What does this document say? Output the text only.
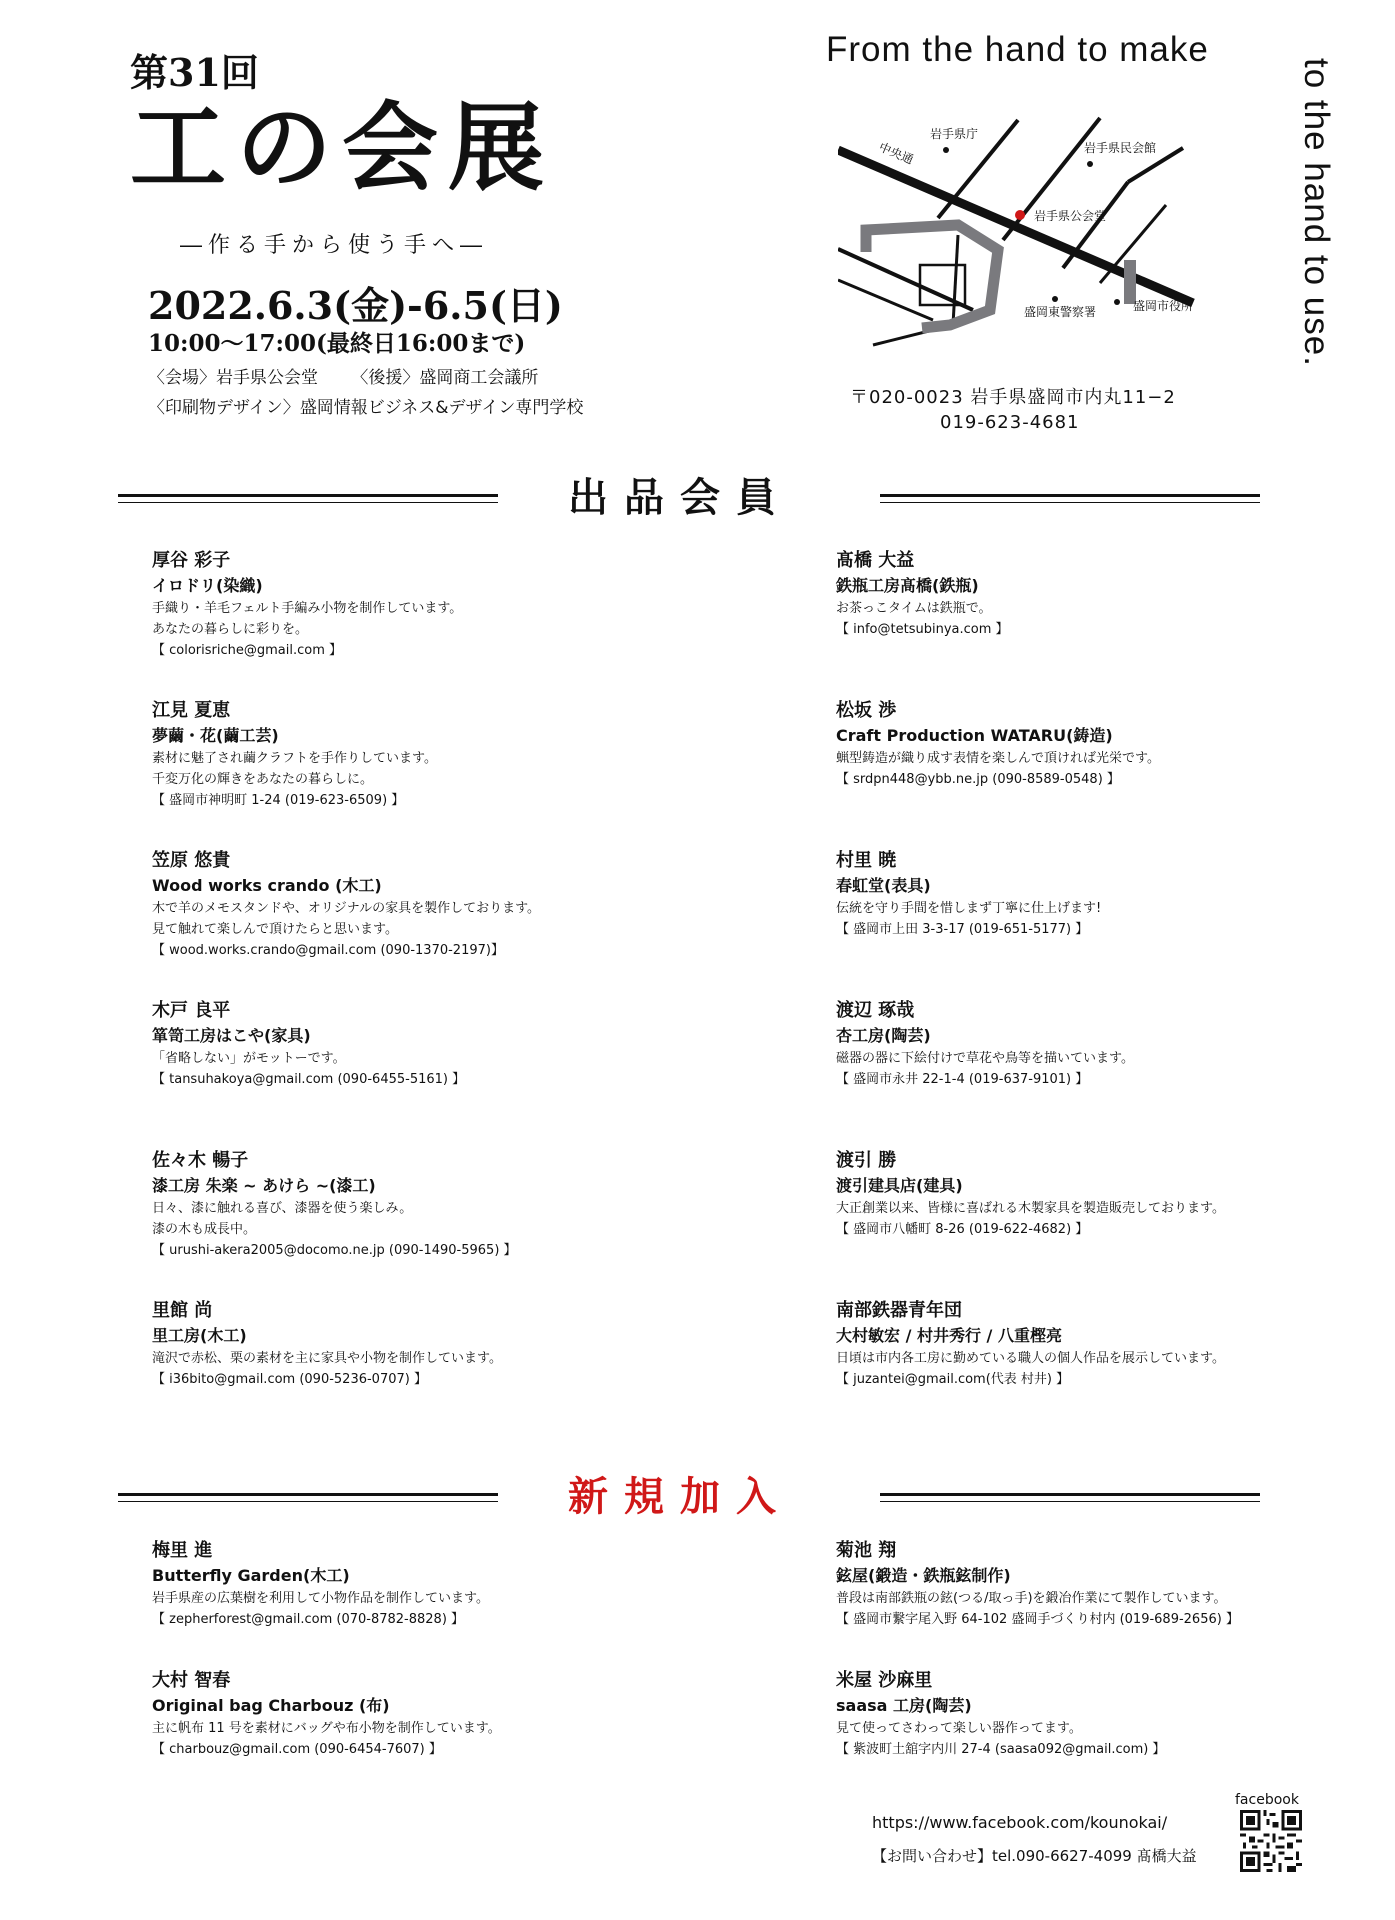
第31回
工の会展
―作る手から使う手へ―
2022.6.3(金)‐6.5(日)
10:00〜17:00(最終日16:00まで)
〈会場〉岩手県公会堂 〈後援〉盛岡商工会議所
〈印刷物デザイン〉盛岡情報ビジネス&デザイン専門学校
From the hand to make
to the hand to use.
中央通
岩手県庁
岩手県民会館
岩手県公会堂
盛岡東警察署	盛岡市役所
〒020-0023 岩手県盛岡市内丸11−2
019-623-4681
出品会員
厚谷 彩子
イロドリ(染織)
手織り・羊毛フェルト手編み小物を制作しています。
あなたの暮らしに彩りを。
【 colorisriche@gmail.com 】
江見 夏恵
夢繭・花(繭工芸)
素材に魅了され繭クラフトを手作りしています。
千変万化の輝きをあなたの暮らしに。
【 盛岡市神明町 1-24 (019-623-6509) 】
笠原 悠貴
Wood works crando (木工)
木で羊のメモスタンドや、オリジナルの家具を製作しております。
見て触れて楽しんで頂けたらと思います。
【 wood.works.crando@gmail.com (090-1370-2197)】
木戸 良平
箪笥工房はこや(家具)
「省略しない」がモットーです。
【 tansuhakoya@gmail.com (090-6455-5161) 】
佐々木 暢子
漆工房 朱楽 ~ あけら ~(漆工)
日々、漆に触れる喜び、漆器を使う楽しみ。
漆の木も成長中。
【 urushi-akera2005@docomo.ne.jp (090-1490-5965) 】
里館 尚
里工房(木工)
滝沢で赤松、栗の素材を主に家具や小物を制作しています。
【 i36bito@gmail.com (090-5236-0707) 】
髙橋 大益
鉄瓶工房髙橋(鉄瓶)
お茶っこタイムは鉄瓶で。
【 info@tetsubinya.com 】
松坂 渉
Craft Production WATARU(鋳造)
蝋型鋳造が織り成す表情を楽しんで頂ければ光栄です。
【 srdpn448@ybb.ne.jp (090-8589-0548) 】
村里 暁
春虹堂(表具)
伝統を守り手間を惜しまず丁寧に仕上げます!
【 盛岡市上田 3-3-17 (019-651-5177) 】
渡辺 琢哉
杏工房(陶芸)
磁器の器に下絵付けで草花や鳥等を描いています。
【 盛岡市永井 22-1-4 (019-637-9101) 】
渡引 勝
渡引建具店(建具)
大正創業以来、皆様に喜ばれる木製家具を製造販売しております。
【 盛岡市八幡町 8-26 (019-622-4682) 】
南部鉄器青年団
大村敏宏 / 村井秀行 / 八重樫亮
日頃は市内各工房に勤めている職人の個人作品を展示しています。
【 juzantei@gmail.com(代表 村井) 】
新規加入
梅里 進
Butterfly Garden(木工)
岩手県産の広葉樹を利用して小物作品を制作しています。
【 zepherforest@gmail.com (070-8782-8828) 】
大村 智春
Original bag Charbouz (布)
主に帆布 11 号を素材にバッグや布小物を制作しています。
【 charbouz@gmail.com (090-6454-7607) 】
菊池 翔
鉉屋(鍛造・鉄瓶鉉制作)
普段は南部鉄瓶の鉉(つる/取っ手)を鍛冶作業にて製作しています。
【 盛岡市繋字尾入野 64-102 盛岡手づくり村内 (019-689-2656) 】
米屋 沙麻里
saasa 工房(陶芸)
見て使ってさわって楽しい器作ってます。
【 紫波町土舘字内川 27-4 (saasa092@gmail.com) 】
facebook
https://www.facebook.com/kounokai/
【お問い合わせ】tel.090-6627-4099 髙橋大益
